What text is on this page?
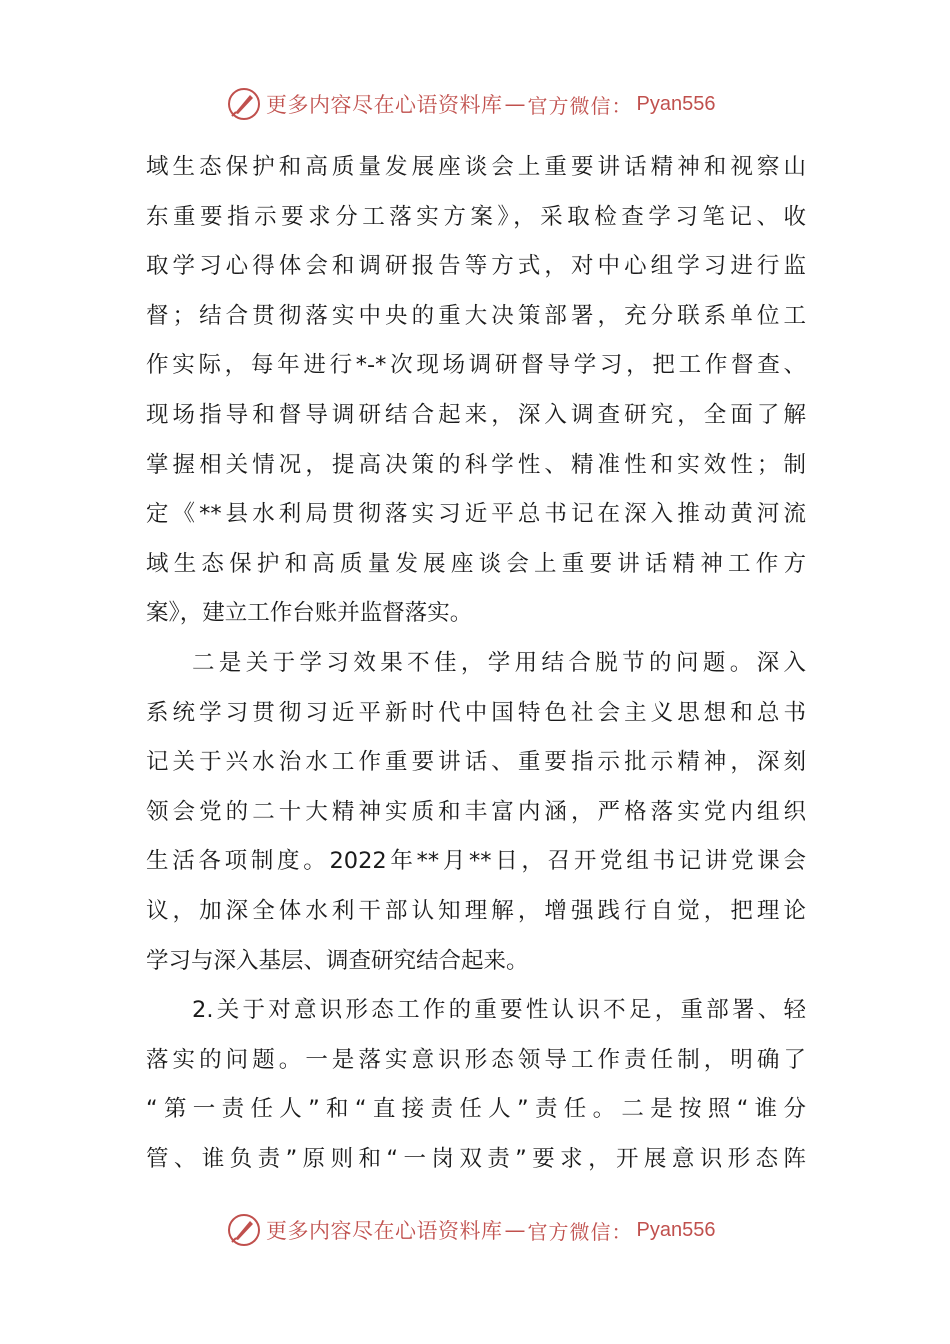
更多内容尽在心语资料库 — 官方微信： Pyan556
域生态保护和高质量发展座谈会上重要讲话精神和视察山
东重要指示要求分工落实方案》，采取检查学习笔记、收
取学习心得体会和调研报告等方式，对中心组学习进行监
督；结合贯彻落实中央的重大决策部署，充分联系单位工
作实际，每年进行*-*次现场调研督导学习，把工作督查、
现场指导和督导调研结合起来，深入调查研究，全面了解
掌握相关情况，提高决策的科学性、精准性和实效性；制
定《**县水利局贯彻落实习近平总书记在深入推动黄河流
域生态保护和高质量发展座谈会上重要讲话精神工作方
案》，建立工作台账并监督落实。
二是关于学习效果不佳，学用结合脱节的问题。深入
系统学习贯彻习近平新时代中国特色社会主义思想和总书
记关于兴水治水工作重要讲话、重要指示批示精神，深刻
领会党的二十大精神实质和丰富内涵，严格落实党内组织
生活各项制度。2022年**月**日，召开党组书记讲党课会
议，加深全体水利干部认知理解，增强践行自觉，把理论
学习与深入基层、调查研究结合起来。
2.关于对意识形态工作的重要性认识不足，重部署、轻
落实的问题。一是落实意识形态领导工作责任制，明确了
“第一责任人”和“直接责任人”责任。二是按照“谁分
管、谁负责”原则和“一岗双责”要求，开展意识形态阵
更多内容尽在心语资料库 — 官方微信： Pyan556
